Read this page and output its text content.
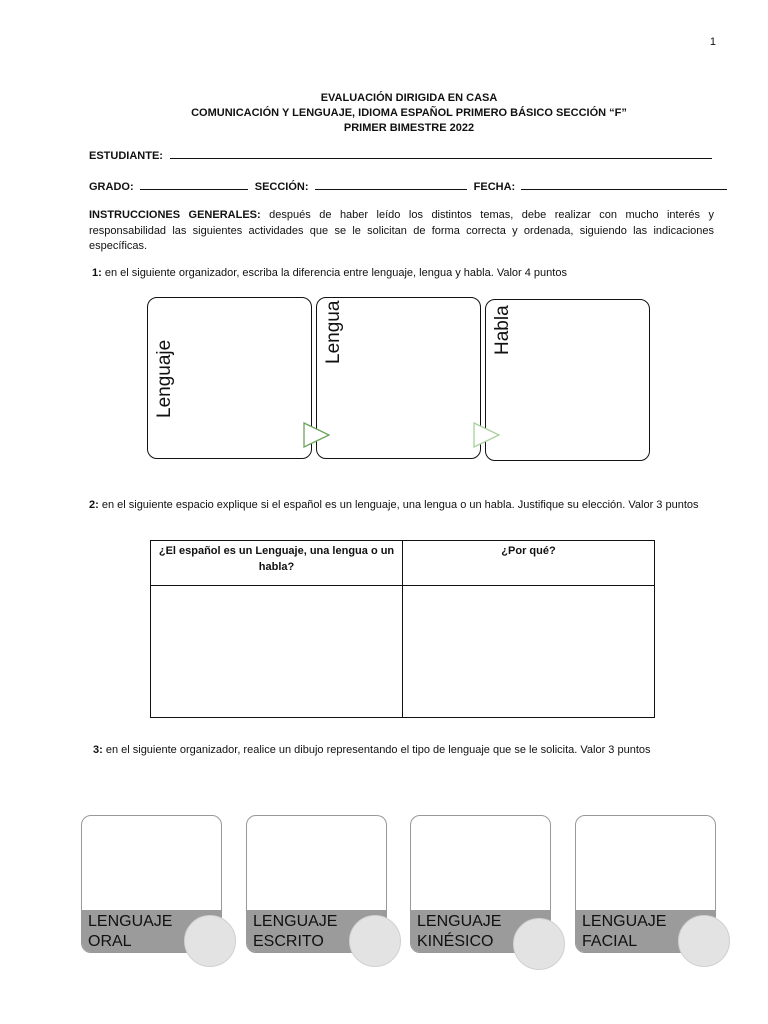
1
EVALUACIÓN DIRIGIDA EN CASA
COMUNICACIÓN Y LENGUAJE, IDIOMA ESPAÑOL PRIMERO BÁSICO SECCIÓN “F”
PRIMER BIMESTRE 2022
ESTUDIANTE:
GRADO:	SECCIÓN:	FECHA:
INSTRUCCIONES GENERALES: después de haber leído los distintos temas, debe realizar con mucho interés y responsabilidad las siguientes actividades que se le solicitan de forma correcta y ordenada, siguiendo las indicaciones específicas.
1: en el siguiente organizador, escriba la diferencia entre lenguaje, lengua y habla. Valor 4 puntos
Lenguaje
Lengua	Habla
2: en el siguiente espacio explique si el español es un lenguaje, una lengua o un habla. Justifique su elección. Valor 3 puntos
¿El español es un Lenguaje, una lengua o un habla?	¿Por qué?

3: en el siguiente organizador, realice un dibujo representando el tipo de lenguaje que se le solicita. Valor 3 puntos
LENGUAJE
ORAL
LENGUAJE
ESCRITO
LENGUAJE
KINÉSICO
LENGUAJE
FACIAL
